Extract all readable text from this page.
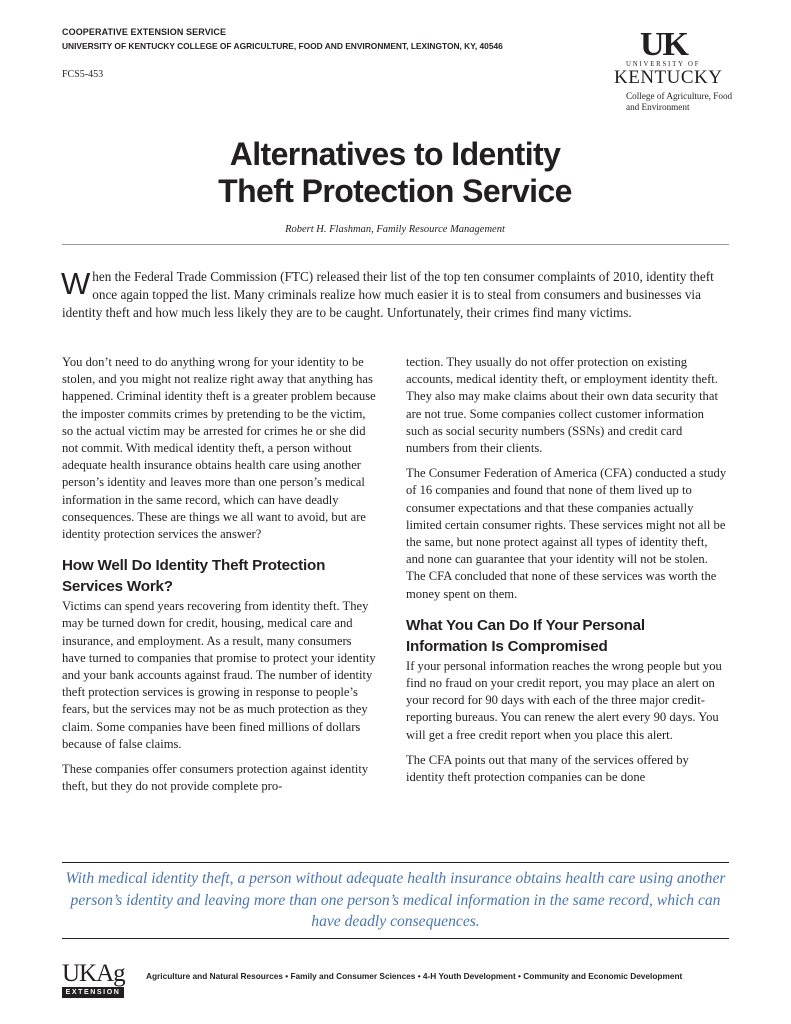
COOPERATIVE EXTENSION SERVICE
UNIVERSITY OF KENTUCKY COLLEGE OF AGRICULTURE, FOOD AND ENVIRONMENT, LEXINGTON, KY, 40546
FCS5-453
UK
UNIVERSITY OF
KENTUCKY
College of Agriculture, Food and Environment
Alternatives to Identity
Theft Protection Service
Robert H. Flashman, Family Resource Management
When the Federal Trade Commission (FTC) released their list of the top ten consumer complaints of 2010, identity theft once again topped the list. Many criminals realize how much easier it is to steal from consumers and businesses via identity theft and how much less likely they are to be caught. Unfortunately, their crimes find many victims.

You don’t need to do anything wrong for your identity to be stolen, and you might not realize right away that anything has happened. Criminal identity theft is a greater problem because the imposter commits crimes by pretending to be the victim, so the actual victim may be arrested for crimes he or she did not commit. With medical identity theft, a person without adequate health insurance obtains health care using another person’s identity and leaves more than one person’s medical information in the same record, which can have deadly consequences. These are things we all want to avoid, but are identity protection services the answer?

How Well Do Identity Theft Protection Services Work?

Victims can spend years recovering from identity theft. They may be turned down for credit, housing, medical care and insurance, and employment. As a result, many consumers have turned to companies that promise to protect your identity and your bank accounts against fraud. The number of identity theft protection services is growing in response to people’s fears, but the services may not be as much protection as they claim. Some companies have been fined millions of dollars because of false claims.

These companies offer consumers protection against identity theft, but they do not provide complete pro-

tection. They usually do not offer protection on existing accounts, medical identity theft, or employment identity theft. They also may make claims about their own data security that are not true. Some companies collect customer information such as social security numbers (SSNs) and credit card numbers from their clients.

The Consumer Federation of America (CFA) conducted a study of 16 companies and found that none of them lived up to consumer expectations and that these companies actually limited certain consumer rights. These services might not all be the same, but none protect against all types of identity theft, and none can guarantee that your identity will not be stolen. The CFA concluded that none of these services was worth the money spent on them.

What You Can Do If Your Personal Information Is Compromised

If your personal information reaches the wrong people but you find no fraud on your credit report, you may place an alert on your record for 90 days with each of the three major credit-reporting bureaus. You can renew the alert every 90 days. You will get a free credit report when you place this alert.

The CFA points out that many of the services offered by identity theft protection companies can be done

With medical identity theft, a person without adequate health insurance obtains health care using another person’s identity and leaving more than one person’s medical information in the same record, which can have deadly consequences.
UKAg
EXTENSION
Agriculture and Natural Resources • Family and Consumer Sciences • 4-H Youth Development • Community and Economic Development
